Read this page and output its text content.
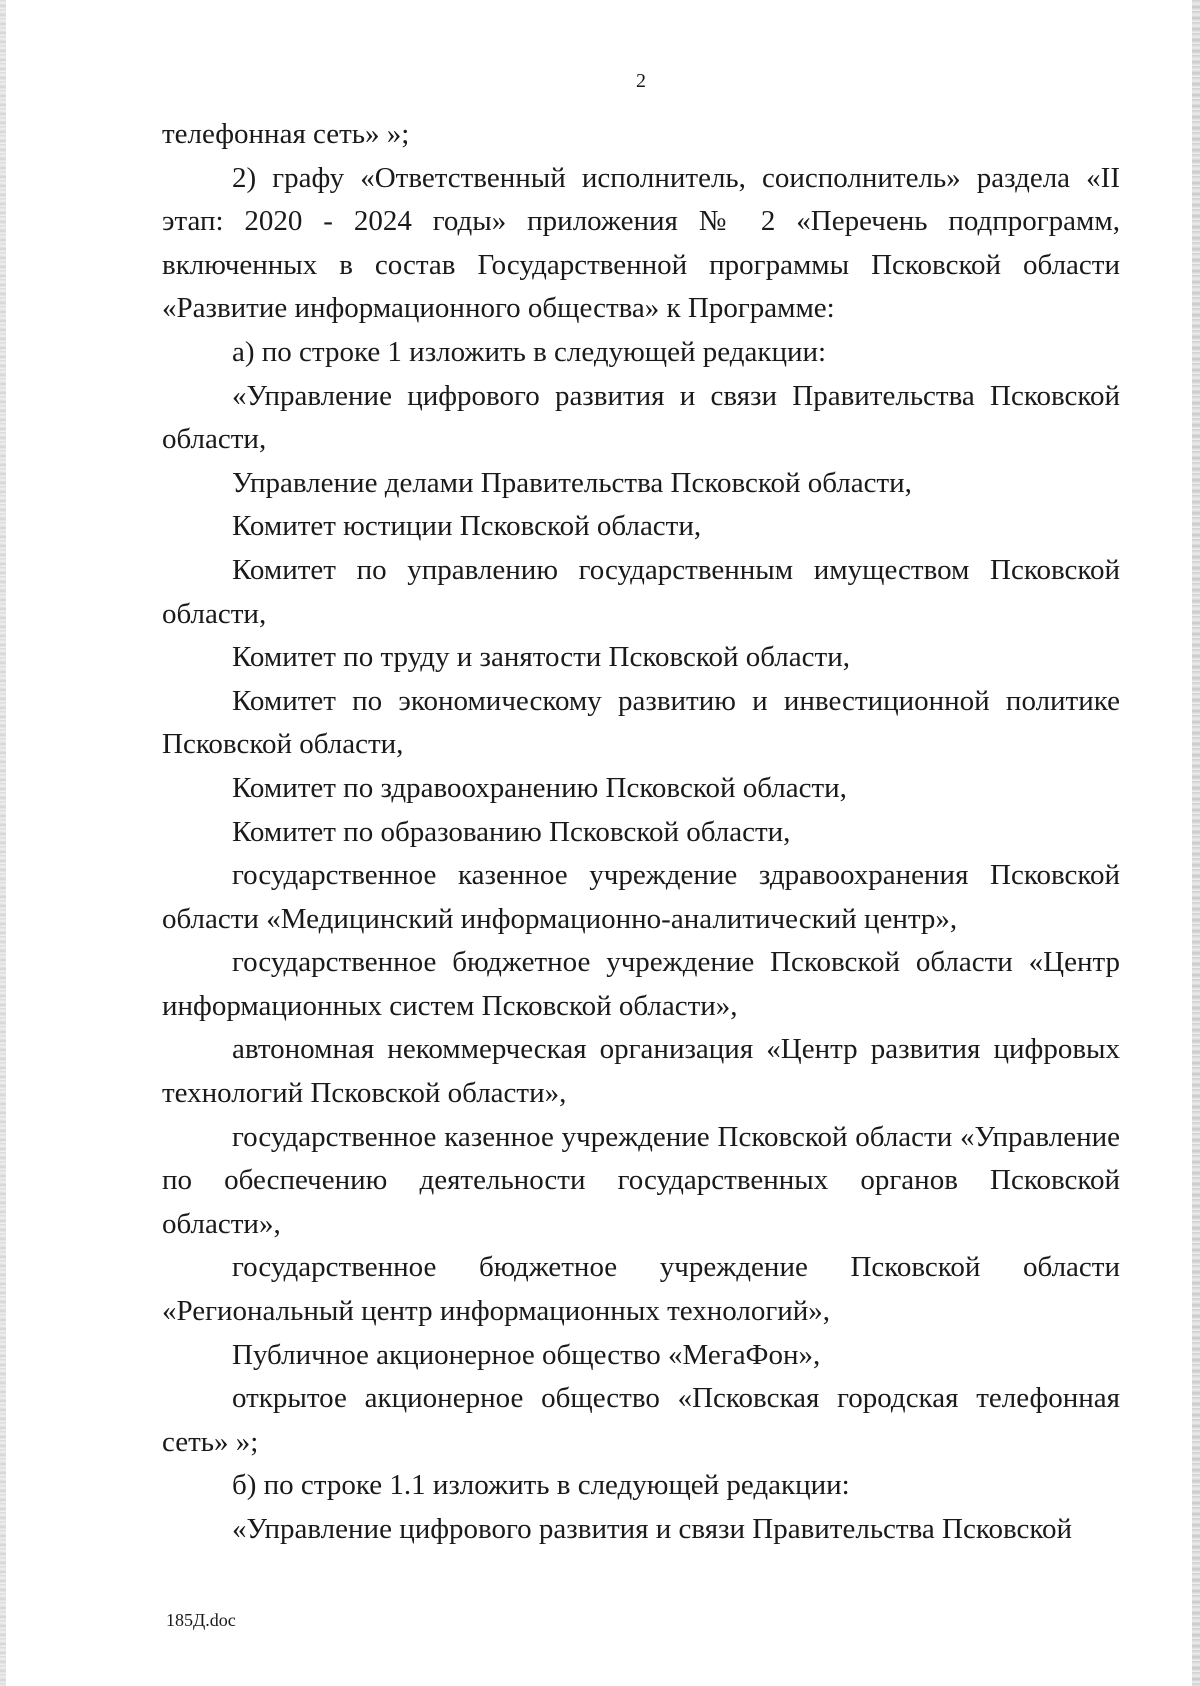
2

телефонная сеть» »;

2) графу «Ответственный исполнитель, соисполнитель» раздела «II этап: 2020 - 2024 годы» приложения № 2 «Перечень подпрограмм, включенных в состав Государственной программы Псковской области «Развитие информационного общества» к Программе:

а) по строке 1 изложить в следующей редакции:

«Управление цифрового развития и связи Правительства Псковской области,

Управление делами Правительства Псковской области,

Комитет юстиции Псковской области,

Комитет по управлению государственным имуществом Псковской области,

Комитет по труду и занятости Псковской области,

Комитет по экономическому развитию и инвестиционной политике Псковской области,

Комитет по здравоохранению Псковской области,

Комитет по образованию Псковской области,

государственное казенное учреждение здравоохранения Псковской области «Медицинский информационно-аналитический центр»,

государственное бюджетное учреждение Псковской области «Центр информационных систем Псковской области»,

автономная некоммерческая организация «Центр развития цифровых технологий Псковской области»,

государственное казенное учреждение Псковской области «Управление по обеспечению деятельности государственных органов Псковской области»,

государственное бюджетное учреждение Псковской области «Региональный центр информационных технологий»,

Публичное акционерное общество «МегаФон»,

открытое акционерное общество «Псковская городская телефонная сеть» »;

б) по строке 1.1 изложить в следующей редакции:

«Управление цифрового развития и связи Правительства Псковской

185Д.doc
